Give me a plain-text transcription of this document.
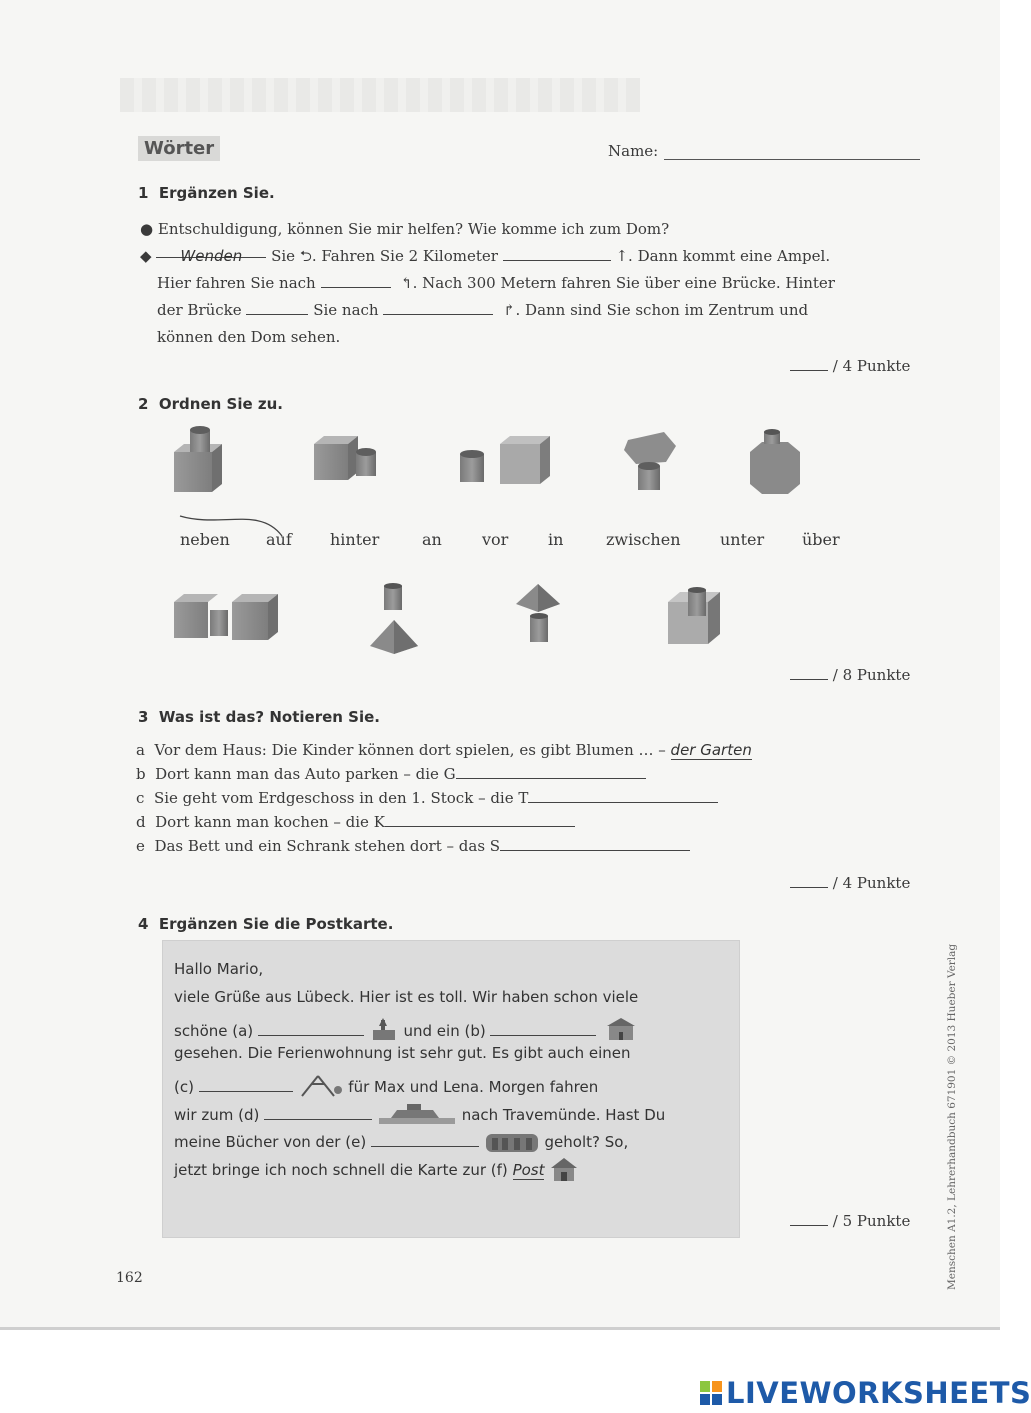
Wörter	Name:
1 Ergänzen Sie.
● Entschuldigung, können Sie mir helfen? Wie komme ich zum Dom?
◆ Wenden Sie ⮌. Fahren Sie 2 Kilometer	↑. Dann kommt eine Ampel.
Hier fahren Sie nach	↰. Nach 300 Metern fahren Sie über eine Brücke. Hinter
der Brücke	Sie nach	↱. Dann sind Sie schon im Zentrum und
können den Dom sehen.
/ 4 Punkte
2 Ordnen Sie zu.
neben auf hinter	an	vor in	zwischen unter über
/ 8 Punkte
3 Was ist das? Notieren Sie.
a Vor dem Haus: Die Kinder können dort spielen, es gibt Blumen … – der Garten
b Dort kann man das Auto parken – die G
c Sie geht vom Erdgeschoss in den 1. Stock – die T
d Dort kann man kochen – die K
e Das Bett und ein Schrank stehen dort – das S
/ 4 Punkte
4 Ergänzen Sie die Postkarte.
Hallo Mario,
viele Grüße aus Lübeck. Hier ist es toll. Wir haben schon viele
schöne (a)	und ein (b)
gesehen. Die Ferienwohnung ist sehr gut. Es gibt auch einen
(c)	für Max und Lena. Morgen fahren
wir zum (d)	nach Travemünde. Hast Du
meine Bücher von der (e)	geholt? So,
jetzt bringe ich noch schnell die Karte zur (f) Post
/ 5 Punkte	Menschen A1.2, Lehrerhandbuch 671901 © 2013 Hueber Verlag
162
LIVEWORKSHEETS
